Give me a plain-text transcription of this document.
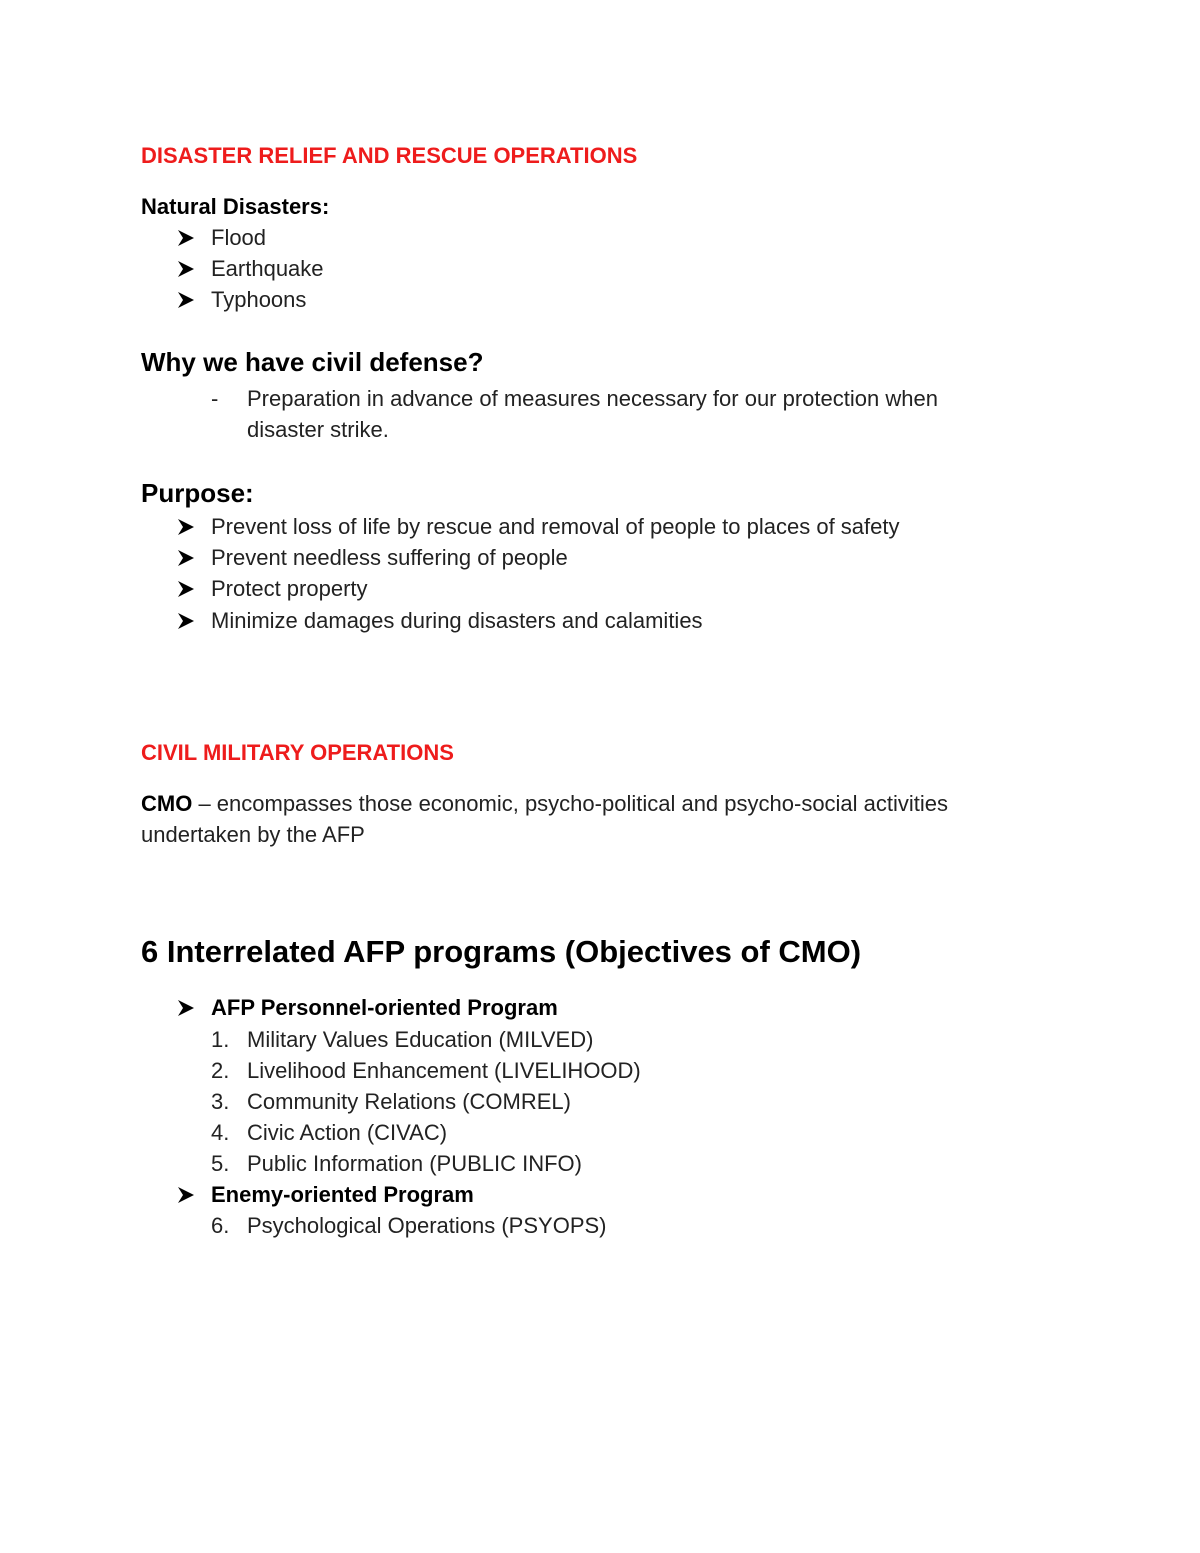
DISASTER RELIEF AND RESCUE OPERATIONS
Natural Disasters:
Flood
Earthquake
Typhoons
Why we have civil defense?
- Preparation in advance of measures necessary for our protection when
disaster strike.
Purpose:
Prevent loss of life by rescue and removal of people to places of safety
Prevent needless suffering of people
Protect property
Minimize damages during disasters and calamities
CIVIL MILITARY OPERATIONS
CMO – encompasses those economic, psycho-political and psycho-social activities
undertaken by the AFP
6 Interrelated AFP programs (Objectives of CMO)
AFP Personnel-oriented Program
1. Military Values Education (MILVED)
2. Livelihood Enhancement (LIVELIHOOD)
3. Community Relations (COMREL)
4. Civic Action (CIVAC)
5. Public Information (PUBLIC INFO)
Enemy-oriented Program
6. Psychological Operations (PSYOPS)
